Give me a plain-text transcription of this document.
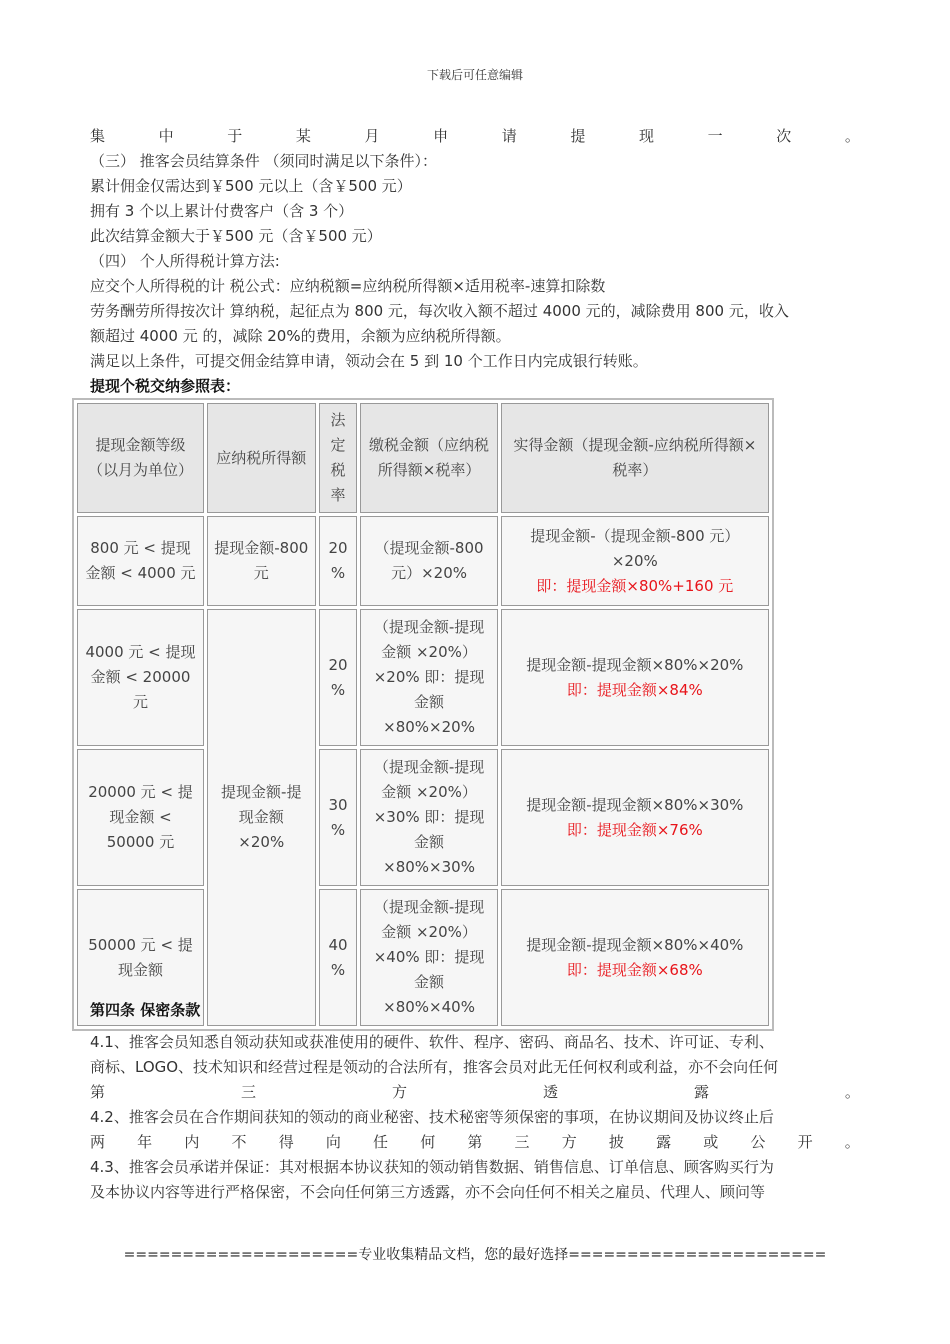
下载后可任意编辑
集	中	于	某	月	申	请	提	现	一	次	。
（三） 推客会员结算条件 （须同时满足以下条件）：
累计佣金仅需达到￥500 元以上（含￥500 元）
拥有 3 个以上累计付费客户（含 3 个）
此次结算金额大于￥500 元（含￥500 元）
（四） 个人所得税计算方法:
应交个人所得税的计 税公式：应纳税额=应纳税所得额×适用税率-速算扣除数
劳务酬劳所得按次计 算纳税，起征点为 800 元，每次收入额不超过 4000 元的，减除费用 800 元，收入
额超过 4000 元 的，减除 20%的费用，余额为应纳税所得额。
满足以上条件，可提交佣金结算申请，领动会在 5 到 10 个工作日内完成银行转账。
提现个税交纳参照表：
提现金额等级（以月为单位）	应纳税所得额	法定税率	缴税金额（应纳税所得额×税率）	实得金额（提现金额-应纳税所得额×税率）
800 元 < 提现金额 < 4000 元	提现金额-800 元	20 %	（提现金额-800 元）×20%	提现金额-（提现金额-800 元）×20%
即：提现金额×80%+160 元

4000 元 < 提现金额 < 20000 元	提现金额-提现金额 ×20%	20 %	（提现金额-提现金额 ×20%）×20% 即：提现金额 ×80%×20%	提现金额-提现金额×80%×20%
即：提现金额×84%

20000 元 < 提现金额 < 50000 元		30 %	（提现金额-提现金额 ×20%）×30% 即：提现金额 ×80%×30%	提现金额-提现金额×80%×30%
即：提现金额×76%

50000 元 < 提现金额		40 %	（提现金额-提现金额 ×20%）×40% 即：提现金额 ×80%×40%	提现金额-提现金额×80%×40%
即：提现金额×68%
第四条 保密条款
4.1、推客会员知悉自领动获知或获准使用的硬件、软件、程序、密码、商品名、技术、许可证、专利、
商标、LOGO、技术知识和经营过程是领动的合法所有，推客会员对此无任何权利或利益，亦不会向任何
第	三	方	透	露	。
4.2、推客会员在合作期间获知的领动的商业秘密、技术秘密等须保密的事项，在协议期间及协议终止后
两 年 内 不 得 向 任 何 第 三 方 披 露 或 公 开 。
4.3、推客会员承诺并保证：其对根据本协议获知的领动销售数据、销售信息、订单信息、顾客购买行为
及本协议内容等进行严格保密，不会向任何第三方透露，亦不会向任何不相关之雇员、代理人、顾问等
====================专业收集精品文档，您的最好选择======================
